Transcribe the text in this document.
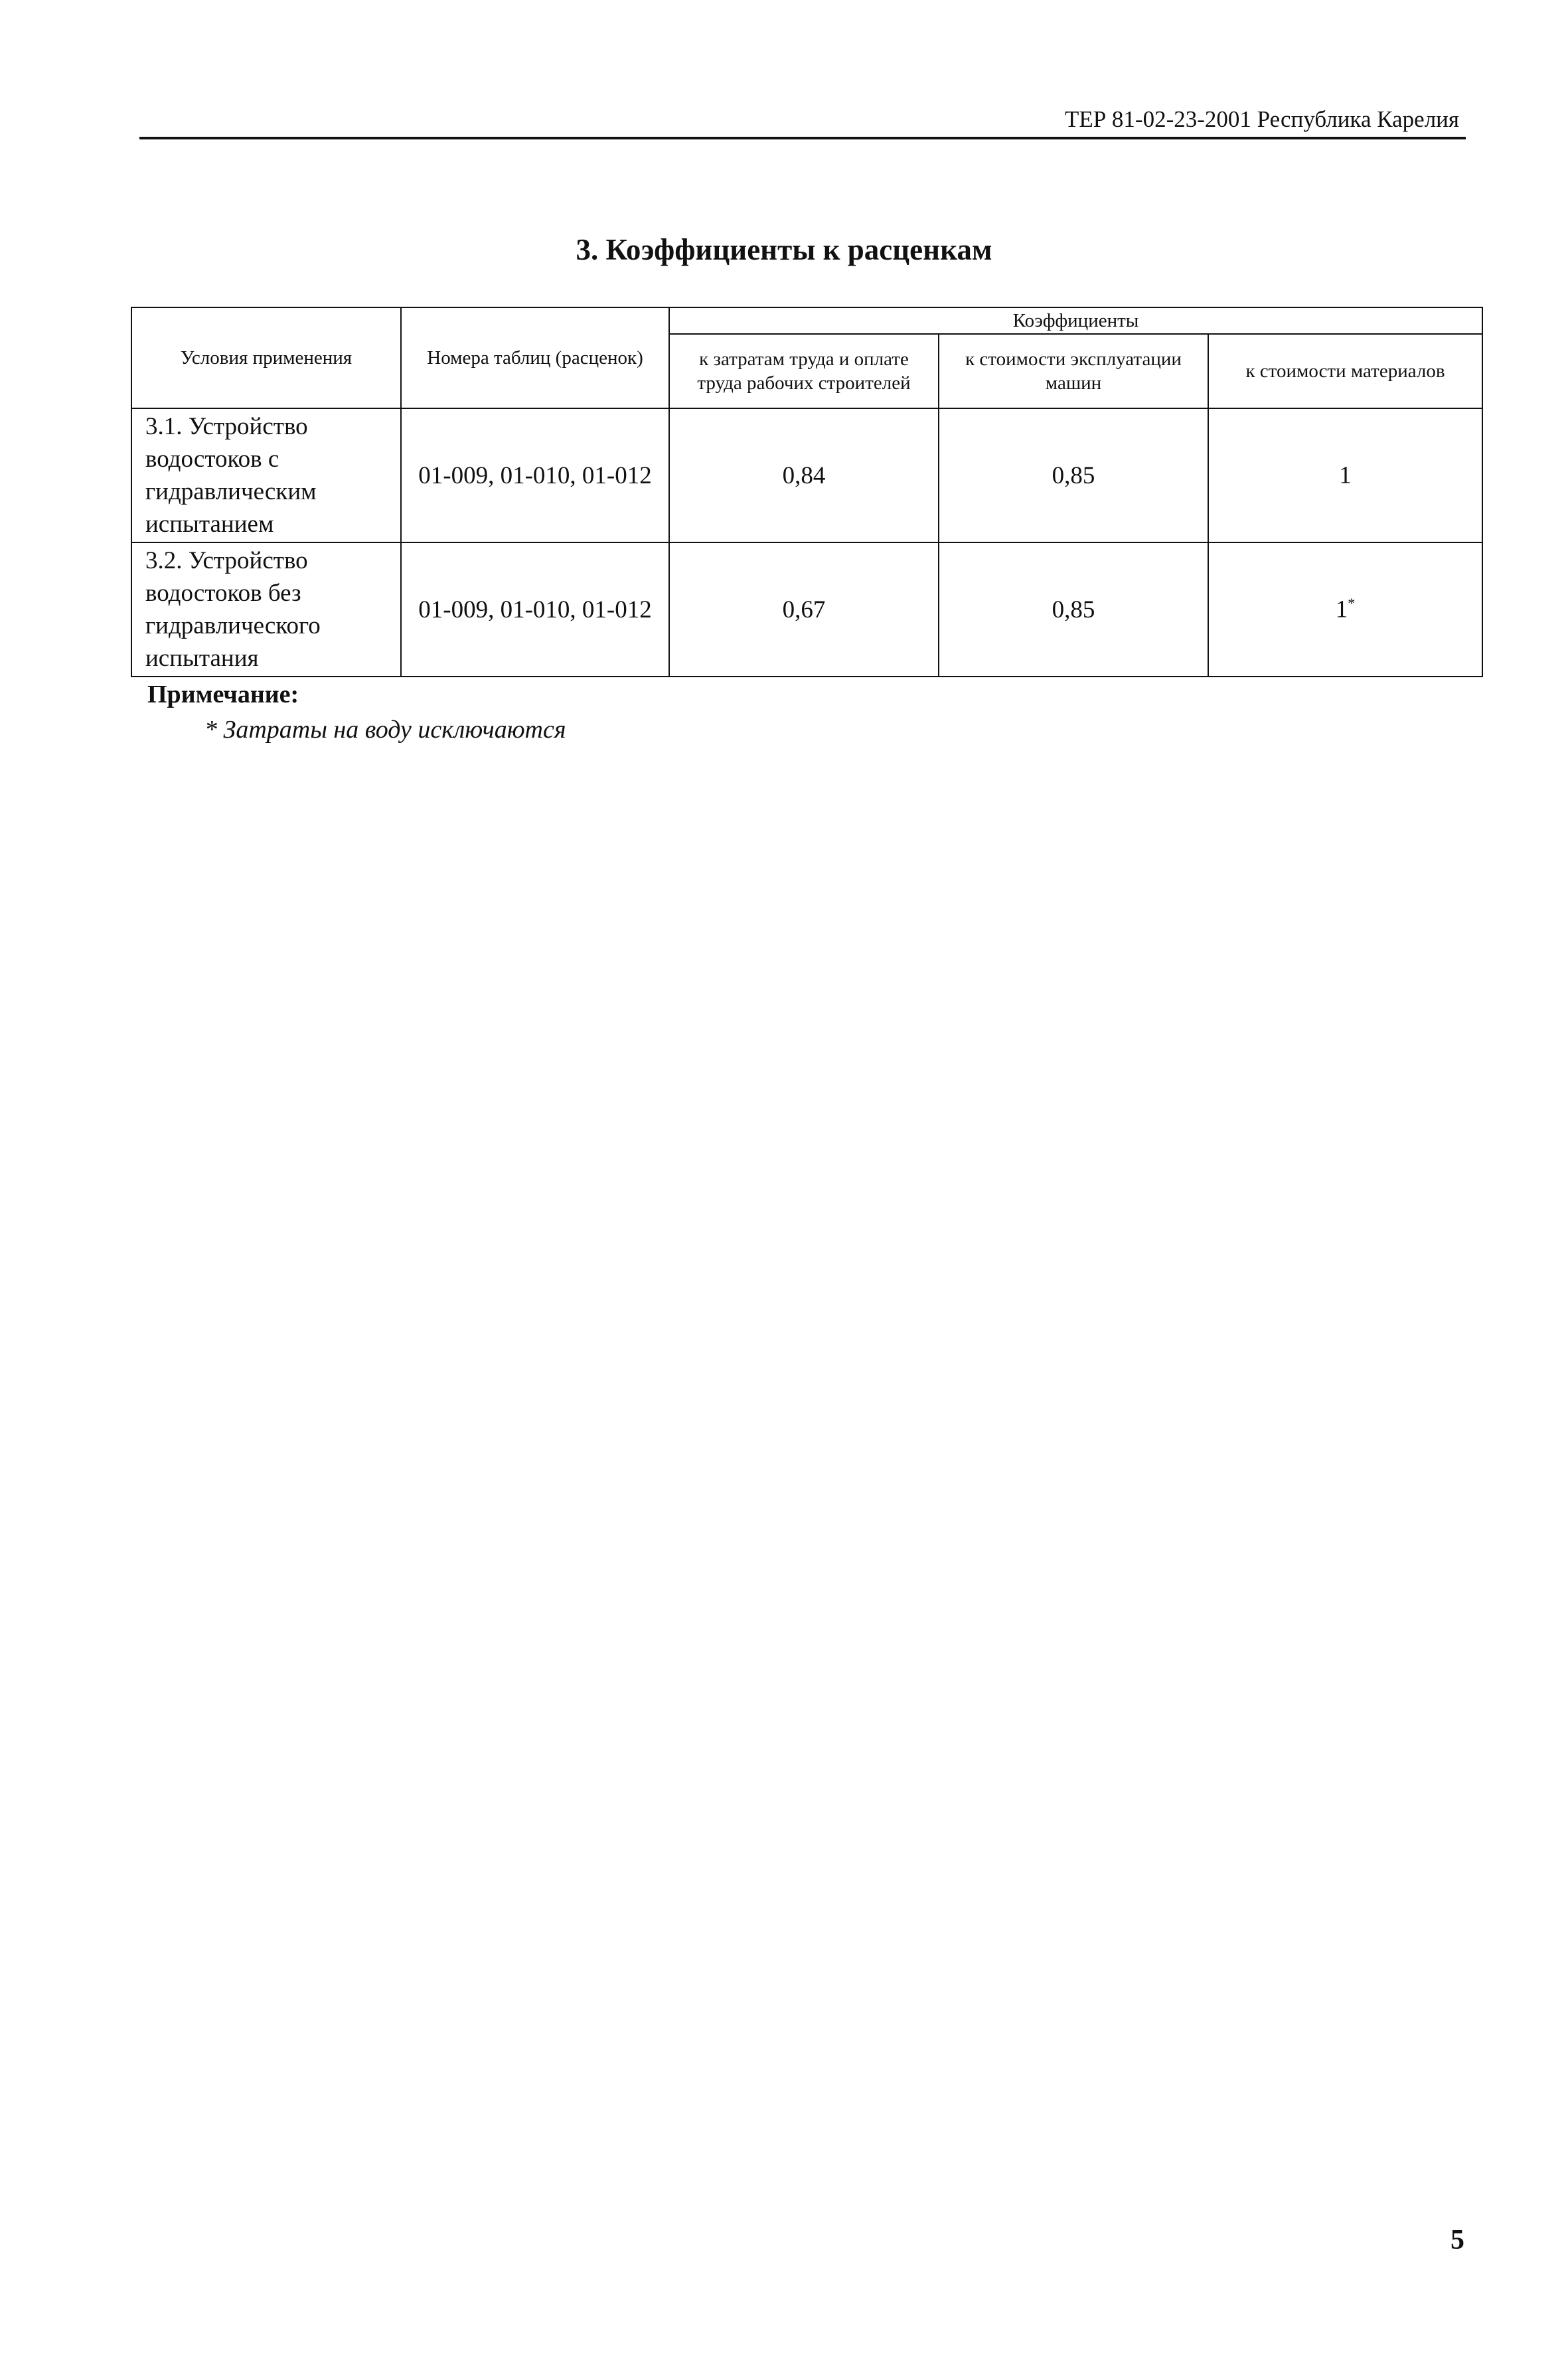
ТЕР 81-02-23-2001 Республика Карелия
3. Коэффициенты к расценкам
Условия применения	Номера таблиц (расценок)	Коэффициенты		
		к затратам труда и оплате труда рабочих строителей	к стоимости эксплуатации машин	к стоимости материалов
3.1. Устройство водостоков с гидравлическим испытанием	01-009, 01-010, 01-012	0,84	0,85	1
3.2. Устройство водостоков без гидравлического испытания	01-009, 01-010, 01-012	0,67	0,85	1*
Примечание:
* Затраты на воду исключаются
5
